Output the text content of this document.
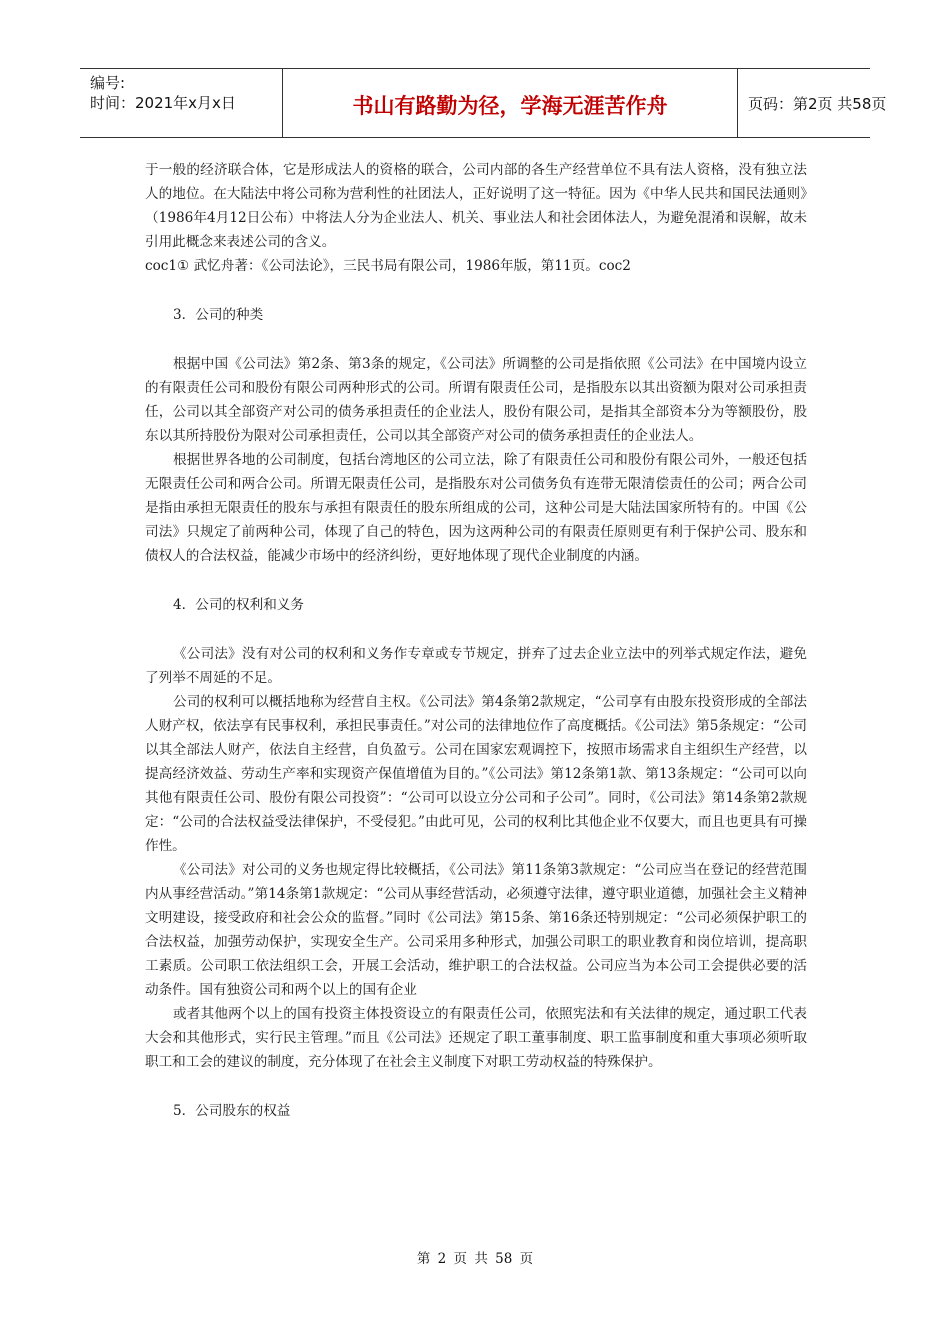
编号:
时间：2021年x月x日	书山有路勤为径，学海无涯苦作舟	页码：第2页 共58页

于一般的经济联合体，它是形成法人的资格的联合，公司内部的各生产经营单位不具有法人资格，没有独立法人的地位。在大陆法中将公司称为营利性的社团法人，正好说明了这一特征。因为《中华人民共和国民法通则》（1986年4月12日公布）中将法人分为企业法人、机关、事业法人和社会团体法人，为避免混淆和误解，故未引用此概念来表述公司的含义。

coc1① 武忆舟著：《公司法论》，三民书局有限公司，1986年版，第11页。coc2

3．公司的种类

根据中国《公司法》第2条、第3条的规定，《公司法》所调整的公司是指依照《公司法》在中国境内设立的有限责任公司和股份有限公司两种形式的公司。所谓有限责任公司，是指股东以其出资额为限对公司承担责任，公司以其全部资产对公司的债务承担责任的企业法人，股份有限公司，是指其全部资本分为等额股份，股东以其所持股份为限对公司承担责任，公司以其全部资产对公司的债务承担责任的企业法人。

根据世界各地的公司制度，包括台湾地区的公司立法，除了有限责任公司和股份有限公司外，一般还包括无限责任公司和两合公司。所谓无限责任公司，是指股东对公司债务负有连带无限清偿责任的公司；两合公司是指由承担无限责任的股东与承担有限责任的股东所组成的公司，这种公司是大陆法国家所特有的。中国《公司法》只规定了前两种公司，体现了自己的特色，因为这两种公司的有限责任原则更有利于保护公司、股东和债权人的合法权益，能减少市场中的经济纠纷，更好地体现了现代企业制度的内涵。

4．公司的权利和义务

《公司法》没有对公司的权利和义务作专章或专节规定，拼弃了过去企业立法中的列举式规定作法，避免了列举不周延的不足。

公司的权利可以概括地称为经营自主权。《公司法》第4条第2款规定，“公司享有由股东投资形成的全部法人财产权，依法享有民事权利，承担民事责任。”对公司的法律地位作了高度概括。《公司法》第5条规定：“公司以其全部法人财产，依法自主经营，自负盈亏。公司在国家宏观调控下，按照市场需求自主组织生产经营，以提高经济效益、劳动生产率和实现资产保值增值为目的。”《公司法》第12条第1款、第13条规定：“公司可以向其他有限责任公司、股份有限公司投资”：“公司可以设立分公司和子公司”。同时，《公司法》第14条第2款规定：“公司的合法权益受法律保护，不受侵犯。”由此可见，公司的权利比其他企业不仅要大，而且也更具有可操作性。

《公司法》对公司的义务也规定得比较概括，《公司法》第11条第3款规定：“公司应当在登记的经营范围内从事经营活动。”第14条第1款规定：“公司从事经营活动，必须遵守法律，遵守职业道德，加强社会主义精神文明建设，接受政府和社会公众的监督。”同时《公司法》第15条、第16条还特别规定：“公司必须保护职工的合法权益，加强劳动保护，实现安全生产。公司采用多种形式，加强公司职工的职业教育和岗位培训，提高职工素质。公司职工依法组织工会，开展工会活动，维护职工的合法权益。公司应当为本公司工会提供必要的活动条件。国有独资公司和两个以上的国有企业

或者其他两个以上的国有投资主体投资设立的有限责任公司，依照宪法和有关法律的规定，通过职工代表大会和其他形式，实行民主管理。”而且《公司法》还规定了职工董事制度、职工监事制度和重大事项必须听取职工和工会的建议的制度，充分体现了在社会主义制度下对职工劳动权益的特殊保护。

5．公司股东的权益

第 2 页 共 58 页
